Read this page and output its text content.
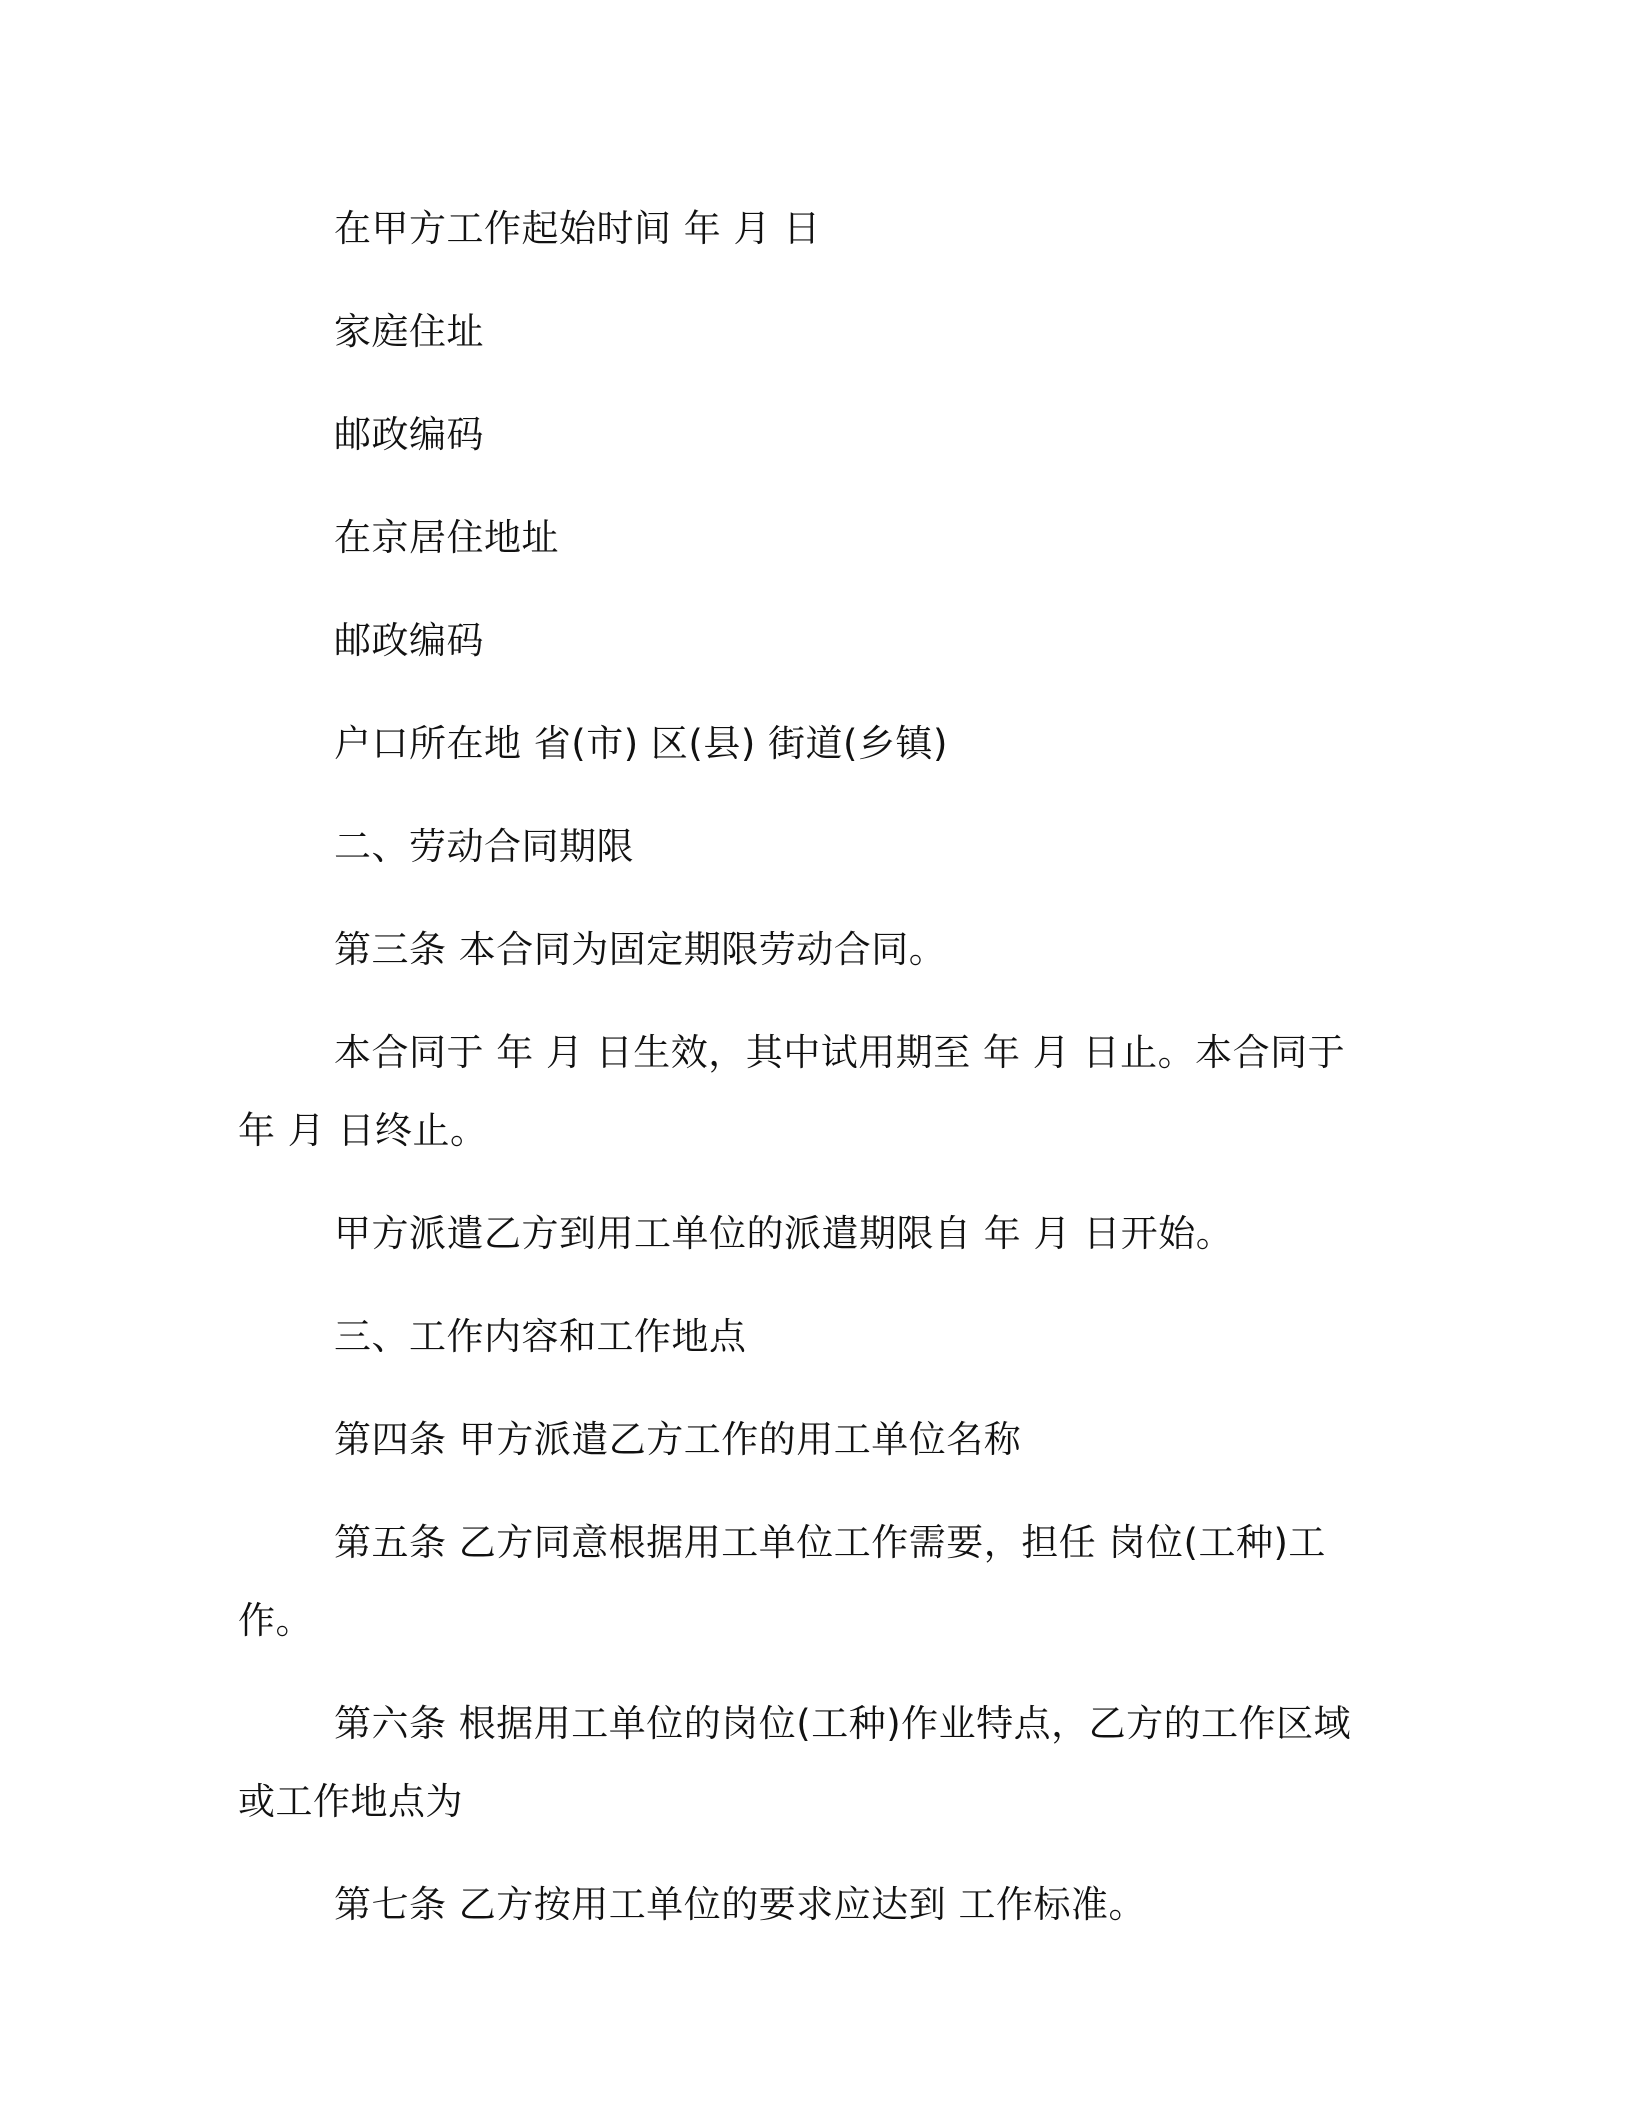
在甲方工作起始时间 年 月 日

家庭住址

邮政编码

在京居住地址

邮政编码

户口所在地 省(市) 区(县) 街道(乡镇)

二、劳动合同期限

第三条 本合同为固定期限劳动合同。

本合同于 年 月 日生效，其中试用期至 年 月 日止。本合同于 年 月 日终止。

甲方派遣乙方到用工单位的派遣期限自 年 月 日开始。

三、工作内容和工作地点

第四条 甲方派遣乙方工作的用工单位名称

第五条 乙方同意根据用工单位工作需要，担任 岗位(工种)工作。

第六条 根据用工单位的岗位(工种)作业特点，乙方的工作区域或工作地点为

第七条 乙方按用工单位的要求应达到 工作标准。
